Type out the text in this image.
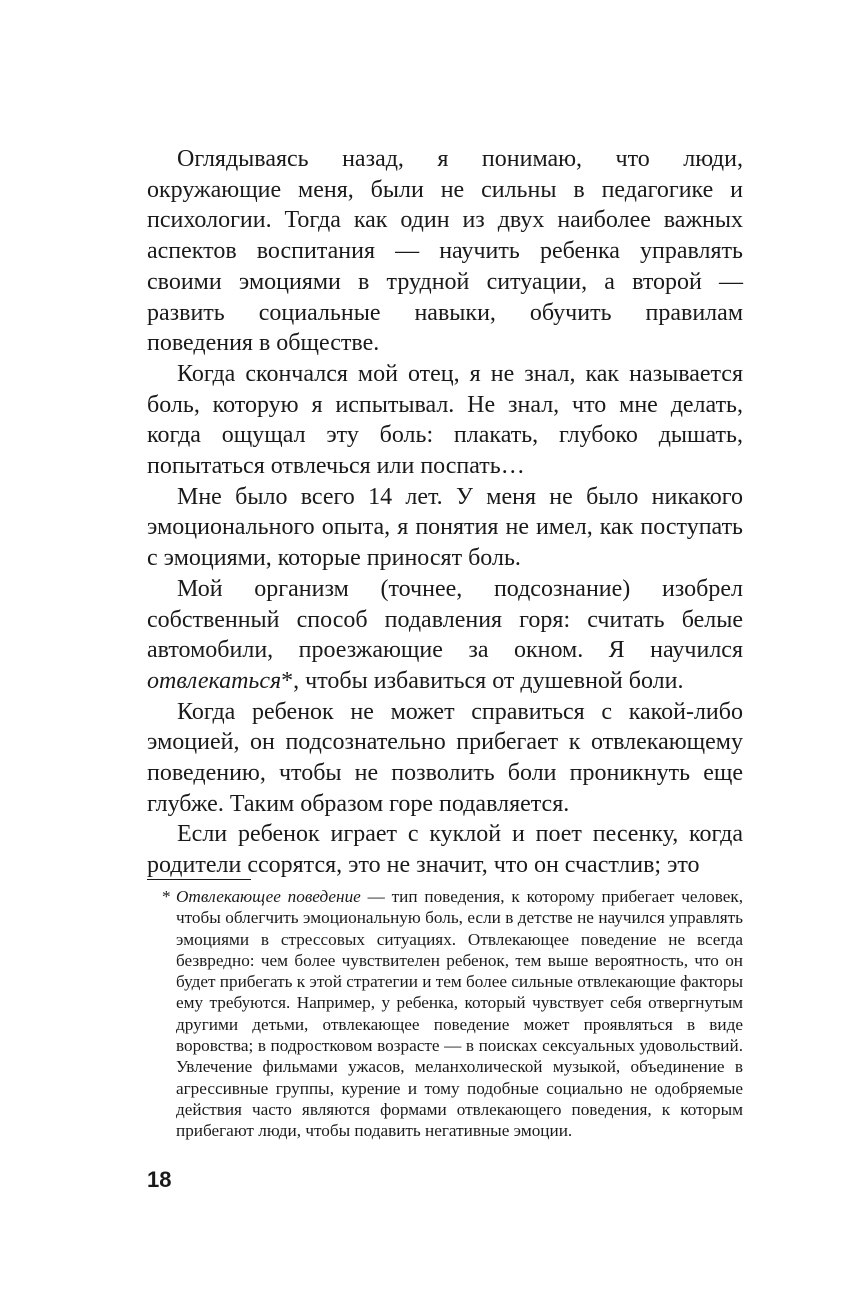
Оглядываясь назад, я понимаю, что люди, окружающие меня, были не сильны в педагогике и психологии. Тогда как один из двух наиболее важных аспектов воспитания — научить ребенка управлять своими эмоциями в трудной ситуации, а второй — развить социальные навыки, обучить правилам поведения в обществе.

Когда скончался мой отец, я не знал, как называется боль, которую я испытывал. Не знал, что мне делать, когда ощущал эту боль: плакать, глубоко дышать, попытаться отвлечься или поспать…

Мне было всего 14 лет. У меня не было никакого эмоционального опыта, я понятия не имел, как поступать с эмоциями, которые приносят боль.

Мой организм (точнее, подсознание) изобрел собственный способ подавления горя: считать белые автомобили, проезжающие за окном. Я научился отвлекаться*, чтобы избавиться от душевной боли.

Когда ребенок не может справиться с какой-либо эмоцией, он подсознательно прибегает к отвлекающему поведению, чтобы не позволить боли проникнуть еще глубже. Таким образом горе подавляется.

Если ребенок играет с куклой и поет песенку, когда родители ссорятся, это не значит, что он счастлив; это

* Отвлекающее поведение — тип поведения, к которому прибегает человек, чтобы облегчить эмоциональную боль, если в детстве не научился управлять эмоциями в стрессовых ситуациях. Отвлекающее поведение не всегда безвредно: чем более чувствителен ребенок, тем выше вероятность, что он будет прибегать к этой стратегии и тем более сильные отвлекающие факторы ему требуются. Например, у ребенка, который чувствует себя отвергнутым другими детьми, отвлекающее поведение может проявляться в виде воровства; в подростковом возрасте — в поисках сексуальных удовольствий. Увлечение фильмами ужасов, меланхолической музыкой, объединение в агрессивные группы, курение и тому подобные социально не одобряемые действия часто являются формами отвлекающего поведения, к которым прибегают люди, чтобы подавить негативные эмоции.

18
